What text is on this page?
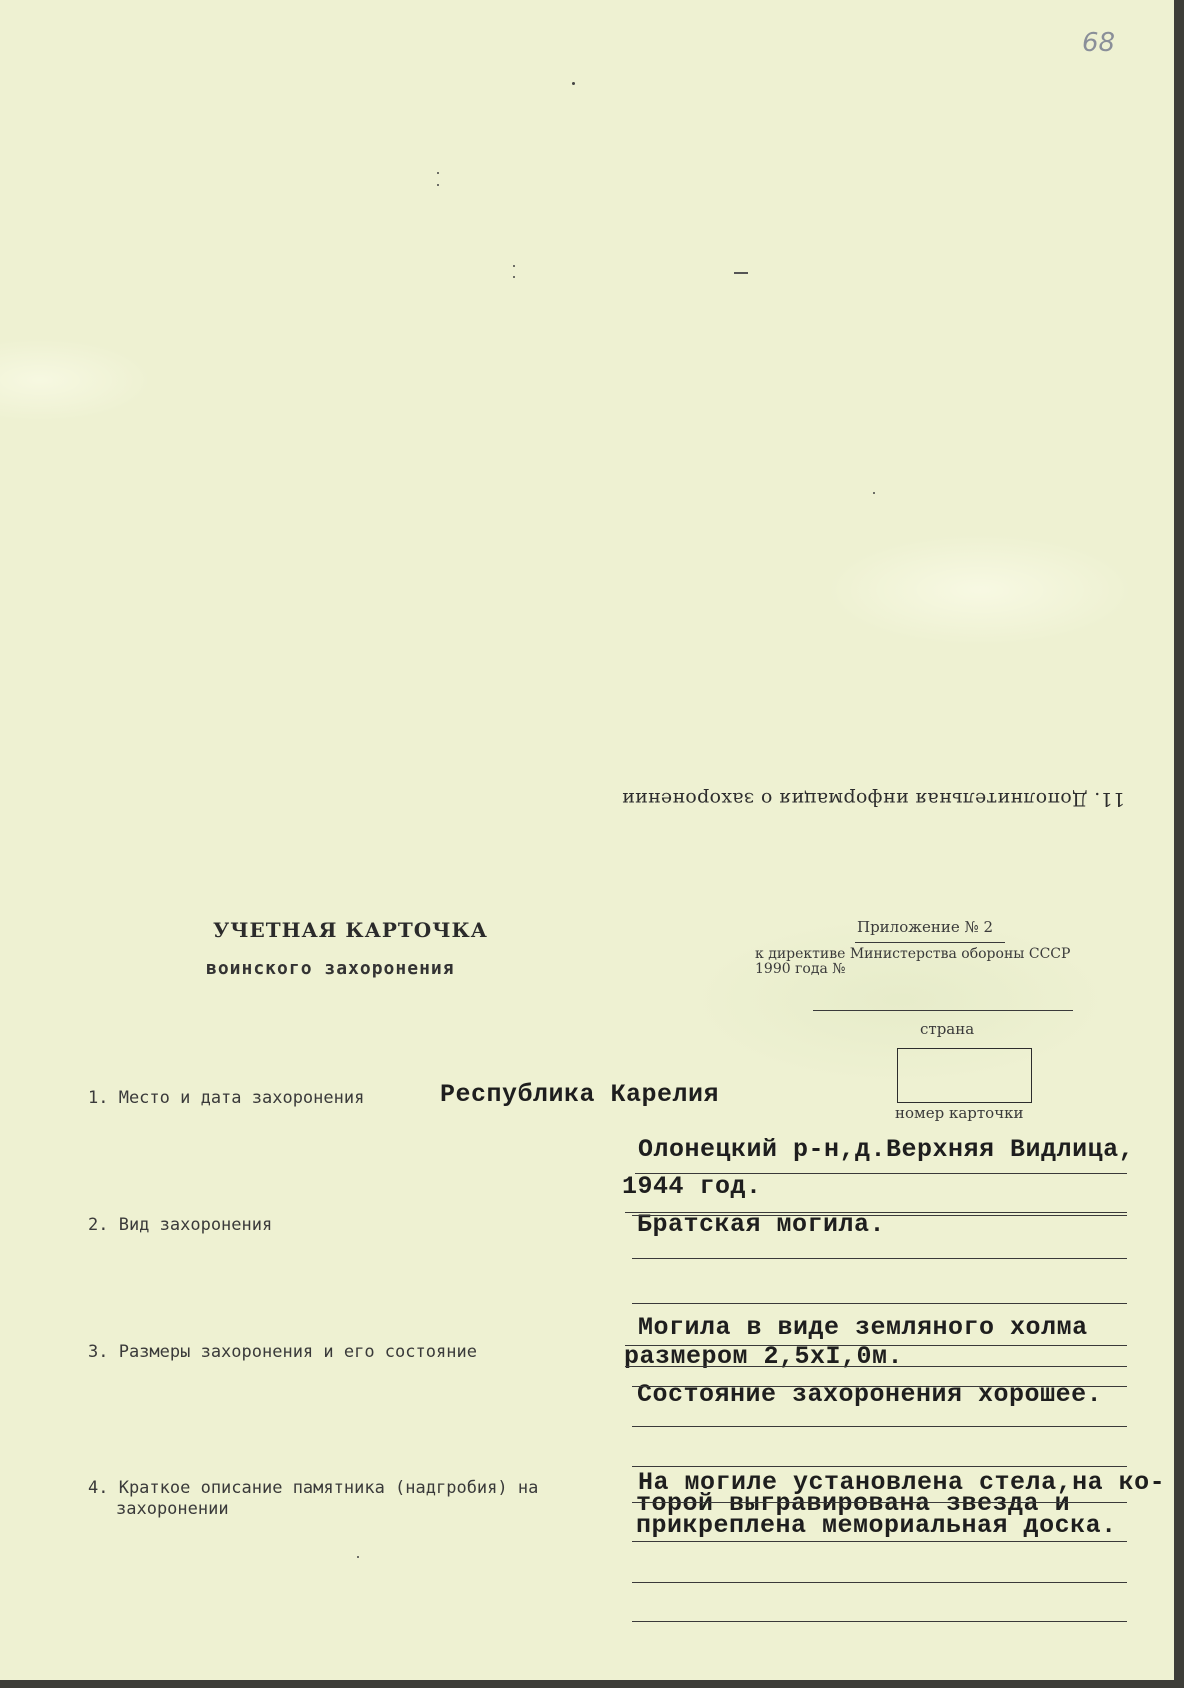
68
11. Дополнительная информация о захоронении
УЧЕТНАЯ КАРТОЧКА
воинского захоронения
Приложение № 2
к директиве Министерства обороны СССР
1990 года №
страна
номер карточки
1. Место и дата захоронения	Республика Карелия
Олонецкий р-н,д.Верхняя Видлица,
1944 год.
2. Вид захоронения	Братская могила.
3. Размеры захоронения и его состояние
Могила в виде земляного холма
размером 2,5хI,0м.
Состояние захоронения хорошее.
4. Краткое описание памятника (надгробия) на
захоронении
На могиле установлена стела,на ко-
торой выгравирована звезда и
прикреплена мемориальная доска.
